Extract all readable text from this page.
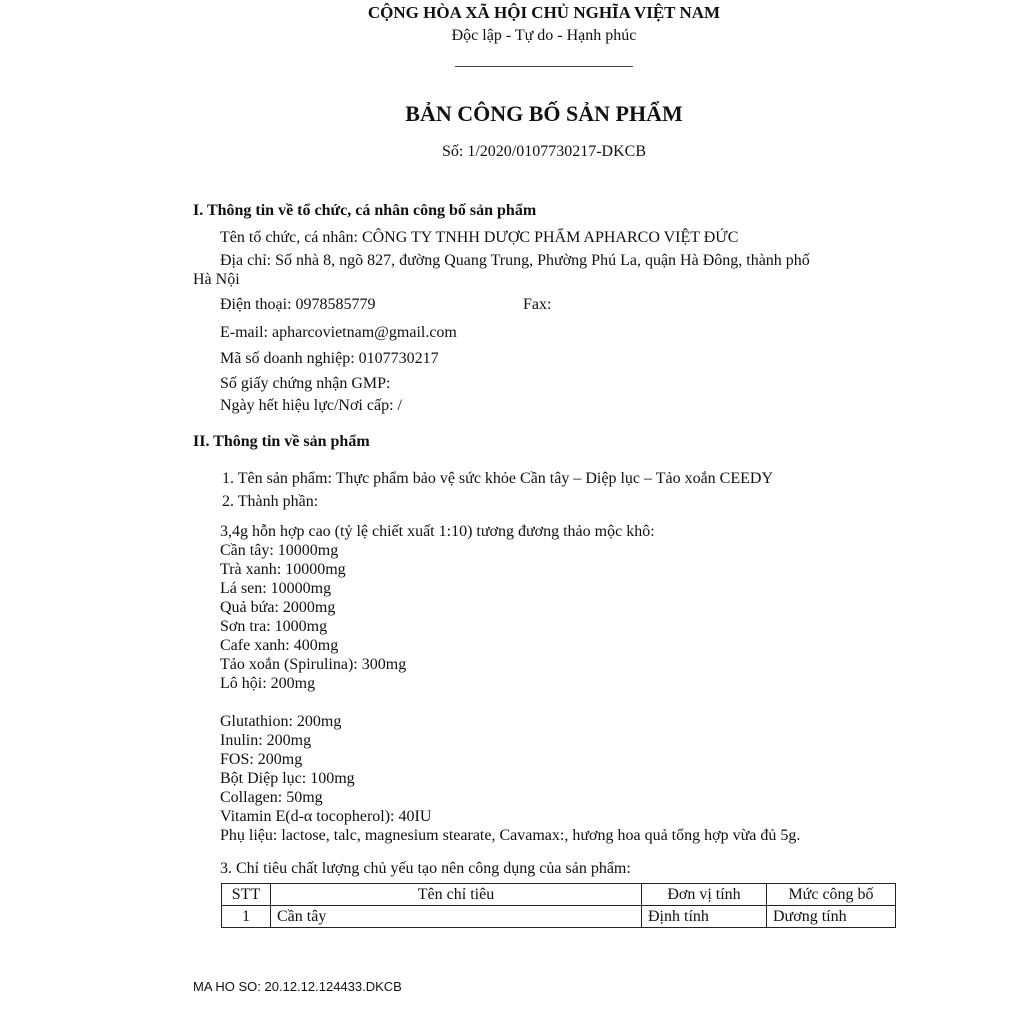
CỘNG HÒA XÃ HỘI CHỦ NGHĨA VIỆT NAM
Độc lập - Tự do - Hạnh phúc
BẢN CÔNG BỐ SẢN PHẨM
Số: 1/2020/0107730217-DKCB
I. Thông tin về tổ chức, cá nhân công bố sản phẩm
Tên tổ chức, cá nhân: CÔNG TY TNHH DƯỢC PHẨM APHARCO VIỆT ĐỨC
Địa chỉ: Số nhà 8, ngõ 827, đường Quang Trung, Phường Phú La, quận Hà Đông, thành phố
Hà Nội
Điện thoại: 0978585779	Fax:
E-mail: apharcovietnam@gmail.com
Mã số doanh nghiệp: 0107730217
Số giấy chứng nhận GMP:
Ngày hết hiệu lực/Nơi cấp: /
II. Thông tin về sản phẩm
1. Tên sản phẩm: Thực phẩm bảo vệ sức khỏe Cần tây – Diệp lục – Tảo xoắn CEEDY
2. Thành phần:
3,4g hỗn hợp cao (tỷ lệ chiết xuất 1:10) tương đương thảo mộc khô:
Cần tây: 10000mg
Trà xanh: 10000mg
Lá sen: 10000mg
Quả bứa: 2000mg
Sơn tra: 1000mg
Cafe xanh: 400mg
Tảo xoắn (Spirulina): 300mg
Lô hội: 200mg
Glutathion: 200mg
Inulin: 200mg
FOS: 200mg
Bột Diệp lục: 100mg
Collagen: 50mg
Vitamin E(d-α tocopherol): 40IU
Phụ liệu: lactose, talc, magnesium stearate, Cavamax:, hương hoa quả tổng hợp vừa đủ 5g.
3. Chỉ tiêu chất lượng chủ yếu tạo nên công dụng của sản phẩm:
STT	Tên chỉ tiêu	Đơn vị tính	Mức công bố
1	Cần tây	Định tính	Dương tính
MA HO SO: 20.12.12.124433.DKCB
